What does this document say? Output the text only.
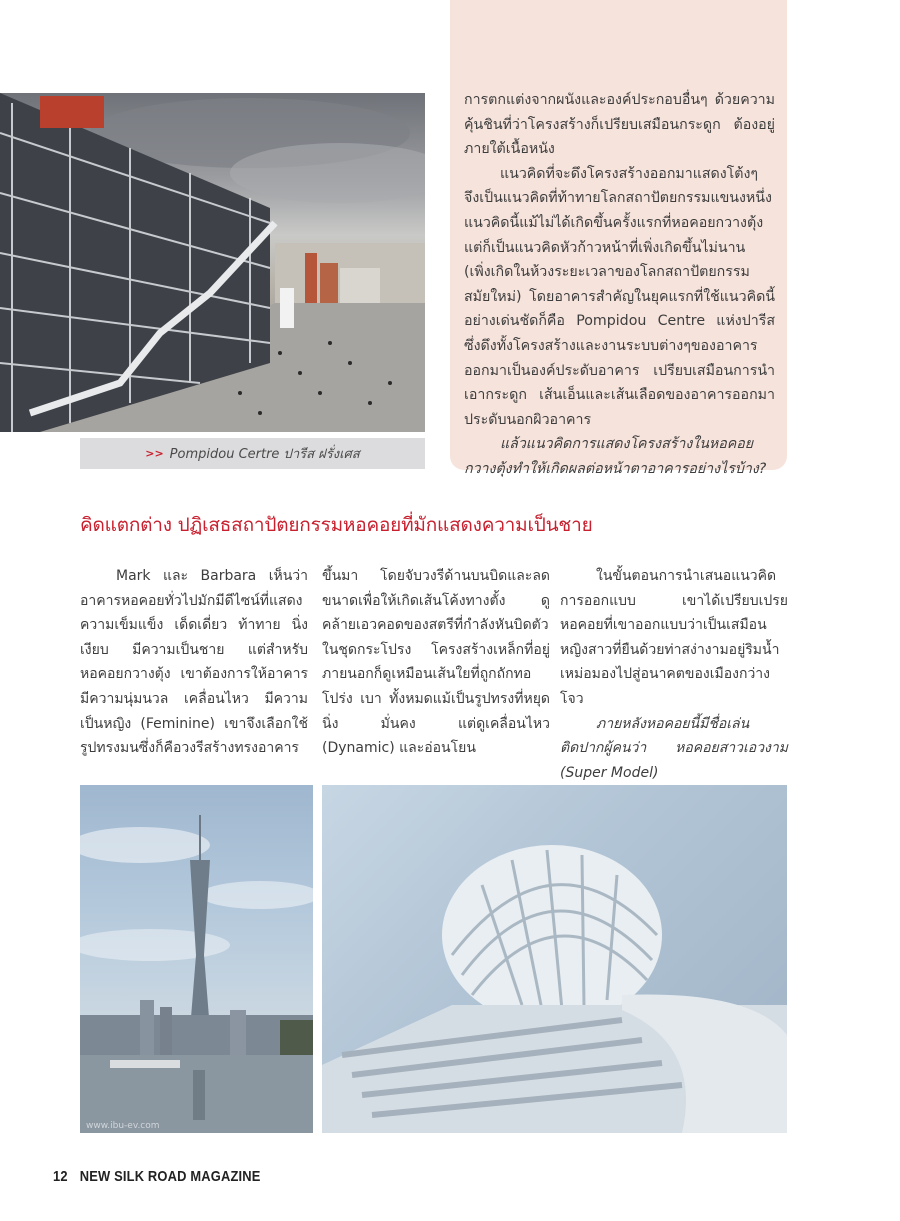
>> Pompidou Certre ปารีส ฝรั่งเศส

การตกแต่งจากผนังและองค์ประกอบอื่นๆ ด้วยความคุ้นชินที่ว่าโครงสร้างก็เปรียบเสมือนกระดูก ต้องอยู่ภายใต้เนื้อหนัง

แนวคิดที่จะดึงโครงสร้างออกมาแสดงโต้งๆ จึงเป็นแนวคิดที่ท้าทายโลกสถาปัตยกรรมแขนงหนึ่ง แนวคิดนี้แม้ไม่ได้เกิดขึ้นครั้งแรกที่หอคอยกวางตุ้ง แต่ก็เป็นแนวคิดหัวก้าวหน้าที่เพิ่งเกิดขึ้นไม่นาน (เพิ่งเกิดในห้วงระยะเวลาของโลกสถาปัตยกรรมสมัยใหม่) โดยอาคารสำคัญในยุคแรกที่ใช้แนวคิดนี้อย่างเด่นชัดก็คือ Pompidou Centre แห่งปารีส ซึ่งดึงทั้งโครงสร้างและงานระบบต่างๆของอาคารออกมาเป็นองค์ประดับอาคาร เปรียบเสมือนการนำเอากระดูก เส้นเอ็นและเส้นเลือดของอาคารออกมาประดับนอกผิวอาคาร

แล้วแนวคิดการแสดงโครงสร้างในหอคอยกวางตุ้งทำให้เกิดผลต่อหน้าตาอาคารอย่างไรบ้าง?

คิดแตกต่าง ปฏิเสธสถาปัตยกรรมหอคอยที่มักแสดงความเป็นชาย

Mark และ Barbara เห็นว่าอาคารหอคอยทั่วไปมักมีดีไซน์ที่แสดงความเข็มแข็ง เด็ดเดี่ยว ท้าทาย นิ่งเงียบ มีความเป็นชาย แต่สำหรับหอคอยกวางตุ้ง เขาต้องการให้อาคารมีความนุ่มนวล เคลื่อนไหว มีความเป็นหญิง (Feminine) เขาจึงเลือกใช้รูปทรงมนซึ่งก็คือวงรีสร้างทรงอาคาร

ขึ้นมา โดยจับวงรีด้านบนบิดและลดขนาดเพื่อให้เกิดเส้นโค้งทางตั้ง ดูคล้ายเอวคอดของสตรีที่กำลังหันบิดตัวในชุดกระโปรง โครงสร้างเหล็กที่อยู่ภายนอกก็ดูเหมือนเส้นใยที่ถูกถักทอ โปร่ง เบา ทั้งหมดแม้เป็นรูปทรงที่หยุดนิ่ง มั่นคง แต่ดูเคลื่อนไหว (Dynamic) และอ่อนโยน

ในขั้นตอนการนำเสนอแนวคิดการออกแบบ เขาได้เปรียบเปรยหอคอยที่เขาออกแบบว่าเป็นเสมือนหญิงสาวที่ยืนด้วยท่าสง่างามอยู่ริมน้ำ เหม่อมองไปสู่อนาคตของเมืองกว่างโจว

ภายหลังหอคอยนี้มีชื่อเล่นติดปากผู้คนว่า หอคอยสาวเอวงาม (Super Model)

www.ibu-ev.com
12 NEW SILK ROAD MAGAZINE
